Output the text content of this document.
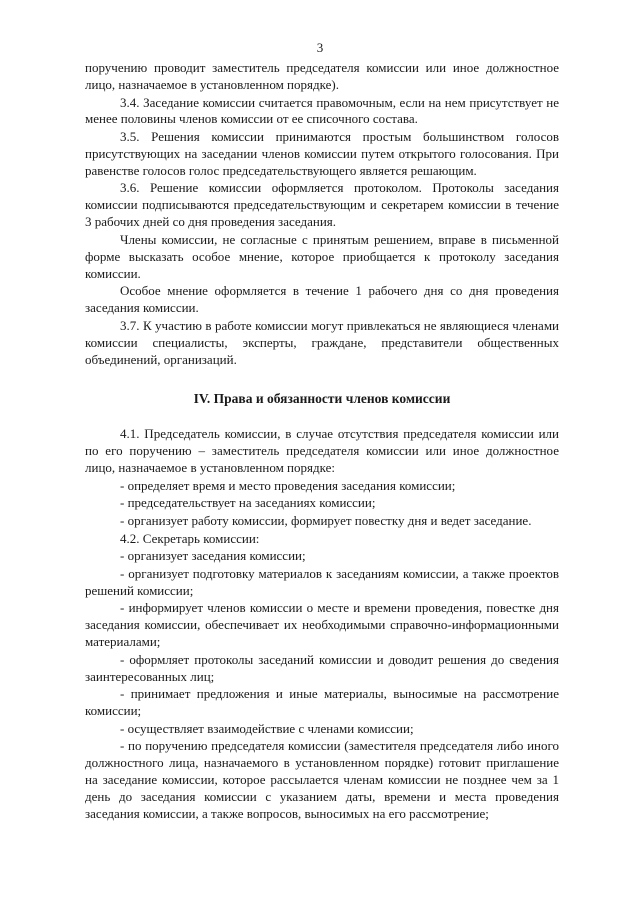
3

поручению проводит заместитель председателя комиссии или иное должностное лицо, назначаемое в установленном порядке).

3.4. Заседание комиссии считается правомочным, если на нем присутствует не менее половины членов комиссии от ее списочного состава.

3.5. Решения комиссии принимаются простым большинством голосов присутствующих на заседании членов комиссии путем открытого голосования. При равенстве голосов голос председательствующего является решающим.

3.6. Решение комиссии оформляется протоколом. Протоколы заседания комиссии подписываются председательствующим и секретарем комиссии в течение 3 рабочих дней со дня проведения заседания.

Члены комиссии, не согласные с принятым решением, вправе в письменной форме высказать особое мнение, которое приобщается к протоколу заседания комиссии.

Особое мнение оформляется в течение 1 рабочего дня со дня проведения заседания комиссии.

3.7. К участию в работе комиссии могут привлекаться не являющиеся членами комиссии специалисты, эксперты, граждане, представители общественных объединений, организаций.

IV. Права и обязанности членов комиссии

4.1. Председатель комиссии, в случае отсутствия председателя комиссии или по его поручению – заместитель председателя комиссии или иное должностное лицо, назначаемое в установленном порядке:

- определяет время и место проведения заседания комиссии;

- председательствует на заседаниях комиссии;

- организует работу комиссии, формирует повестку дня и ведет заседание.

4.2. Секретарь комиссии:

- организует заседания комиссии;

- организует подготовку материалов к заседаниям комиссии, а также проектов решений комиссии;

- информирует членов комиссии о месте и времени проведения, повестке дня заседания комиссии, обеспечивает их необходимыми справочно-информационными материалами;

- оформляет протоколы заседаний комиссии и доводит решения до сведения заинтересованных лиц;

- принимает предложения и иные материалы, выносимые на рассмотрение комиссии;

- осуществляет взаимодействие с членами комиссии;

- по поручению председателя комиссии (заместителя председателя либо иного должностного лица, назначаемого в установленном порядке) готовит приглашение на заседание комиссии, которое рассылается членам комиссии не позднее чем за 1 день до заседания комиссии с указанием даты, времени и места проведения заседания комиссии, а также вопросов, выносимых на его рассмотрение;
